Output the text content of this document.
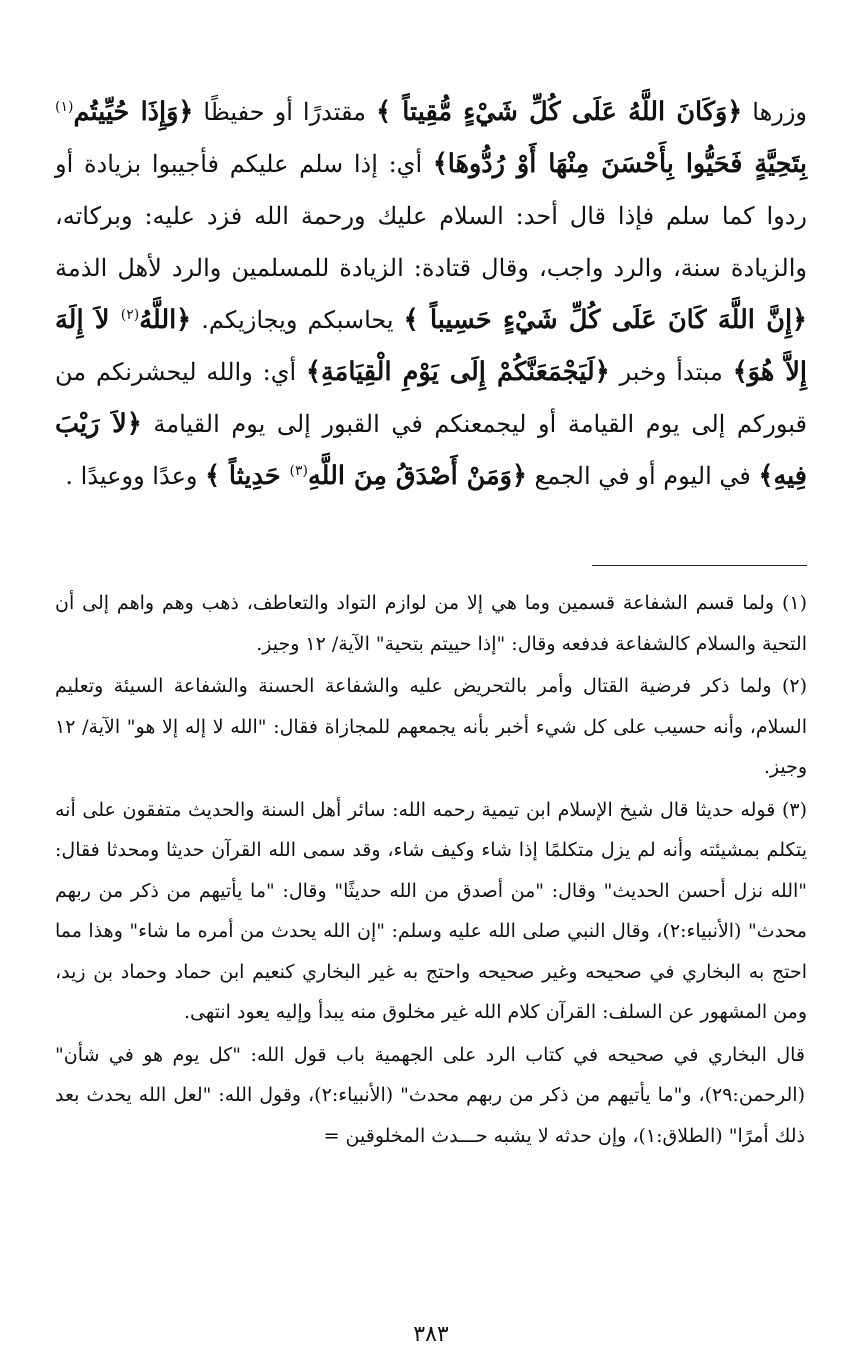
وزرها ﴿وَكَانَ اللَّهُ عَلَى كُلِّ شَيْءٍ مُّقِيتاً ﴾ مقتدرًا أو حفيظًا ﴿وَإِذَا حُيِّيتُم$^{(١)}$ بِتَحِيَّةٍ فَحَيُّوا بِأَحْسَنَ مِنْهَا أَوْ رُدُّوهَا﴾ أي: إذا سلم عليكم فأجيبوا بزيادة أو ردوا كما سلم فإذا قال أحد: السلام عليك ورحمة الله فزد عليه: وبركاته، والزيادة سنة، والرد واجب، وقال قتادة: الزيادة للمسلمين والرد لأهل الذمة ﴿إِنَّ اللَّهَ كَانَ عَلَى كُلِّ شَيْءٍ حَسِيباً ﴾ يحاسبكم ويجازيكم. ﴿اللَّهُ$^{(٢)}$ لاَ إِلَهَ إِلاَّ هُوَ﴾ مبتدأ وخبر ﴿لَيَجْمَعَنَّكُمْ إِلَى يَوْمِ الْقِيَامَةِ﴾ أي: والله ليحشرنكم من قبوركم إلى يوم القيامة أو ليجمعنكم في القبور إلى يوم القيامة ﴿لاَ رَيْبَ فِيهِ﴾ في اليوم أو في الجمع ﴿وَمَنْ أَصْدَقُ مِنَ اللَّهِ$^{(٣)}$ حَدِيثاً ﴾ وعدًا ووعيدًا .

(١) ولما قسم الشفاعة قسمين وما هي إلا من لوازم التواد والتعاطف، ذهب وهم واهم إلى أن التحية والسلام كالشفاعة فدفعه وقال: "إذا حييتم بتحية" الآية/ ١٢ وجيز.

(٢) ولما ذكر فرضية القتال وأمر بالتحريض عليه والشفاعة الحسنة والشفاعة السيئة وتعليم السلام، وأنه حسيب على كل شيء أخبر بأنه يجمعهم للمجازاة فقال: "الله لا إله إلا هو" الآية/ ١٢ وجيز.

(٣) قوله حديثا قال شيخ الإسلام ابن تيمية رحمه الله: سائر أهل السنة والحديث متفقون على أنه يتكلم بمشيئته وأنه لم يزل متكلمًا إذا شاء وكيف شاء، وقد سمى الله القرآن حديثا ومحدثا فقال: "الله نزل أحسن الحديث" وقال: "من أصدق من الله حديثًا" وقال: "ما يأتيهم من ذكر من ربهم محدث" (الأنبياء:٢)، وقال النبي صلى الله عليه وسلم: "إن الله يحدث من أمره ما شاء" وهذا مما احتج به البخاري في صحيحه وغير صحيحه واحتج به غير البخاري كنعيم ابن حماد وحماد بن زيد، ومن المشهور عن السلف: القرآن كلام الله غير مخلوق منه يبدأ وإليه يعود انتهى.

قال البخاري في صحيحه في كتاب الرد على الجهمية باب قول الله: "كل يوم هو في شأن" (الرحمن:٢٩)، و"ما يأتيهم من ذكر من ربهم محدث" (الأنبياء:٢)، وقول الله: "لعل الله يحدث بعد ذلك أمرًا" (الطلاق:١)، وإن حدثه لا يشبه حـــدث المخلوقين =

٣٨٣
